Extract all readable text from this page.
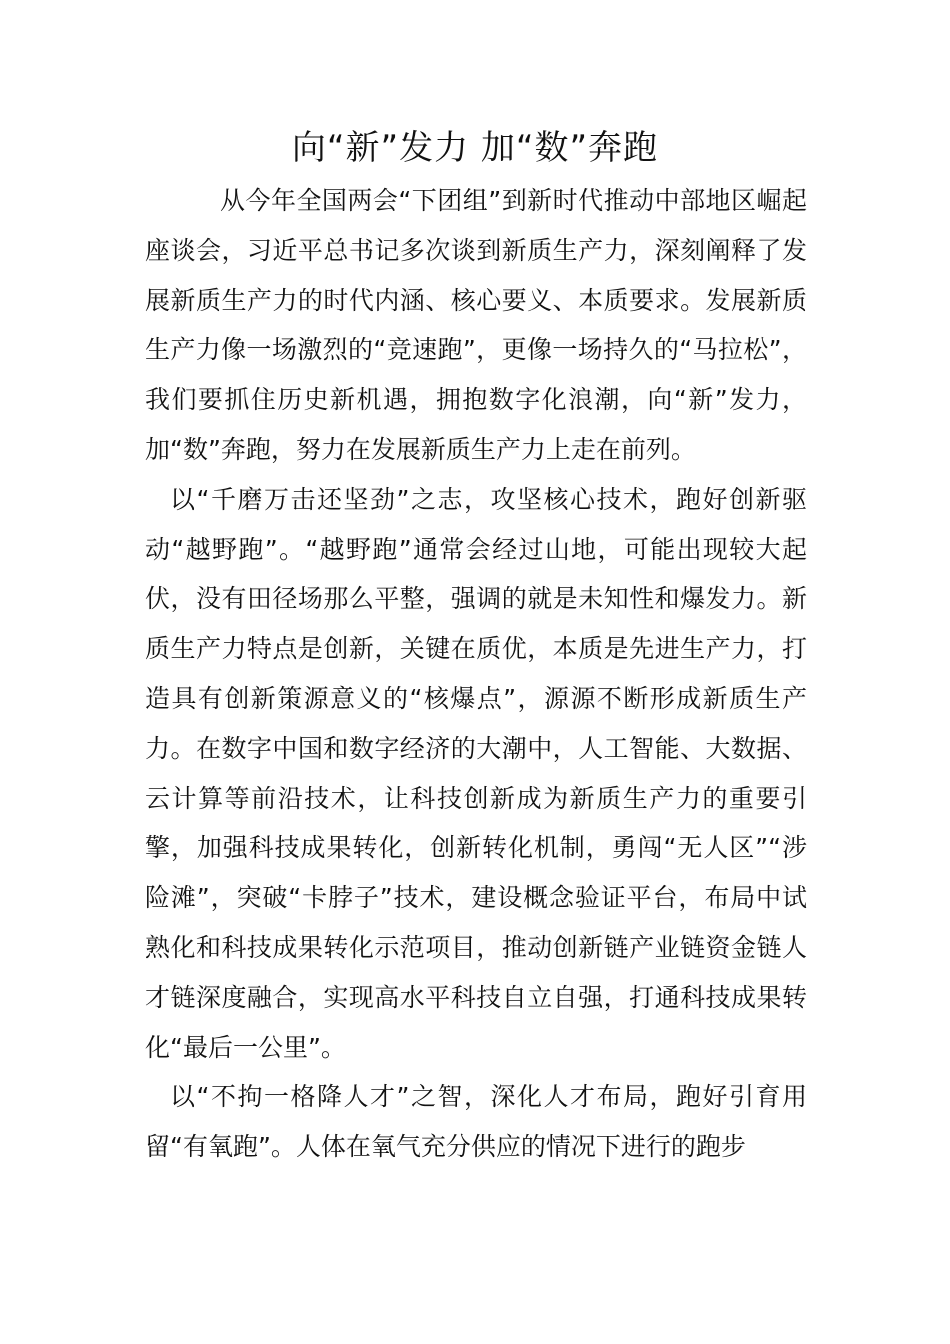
向“新”发力 加“数”奔跑

从今年全国两会“下团组”到新时代推动中部地区崛起座谈会，习近平总书记多次谈到新质生产力，深刻阐释了发展新质生产力的时代内涵、核心要义、本质要求。发展新质生产力像一场激烈的“竞速跑”，更像一场持久的“马拉松”，我们要抓住历史新机遇，拥抱数字化浪潮，向“新”发力，加“数”奔跑，努力在发展新质生产力上走在前列。

以“千磨万击还坚劲”之志，攻坚核心技术，跑好创新驱动“越野跑”。“越野跑”通常会经过山地，可能出现较大起伏，没有田径场那么平整，强调的就是未知性和爆发力。新质生产力特点是创新，关键在质优，本质是先进生产力，打造具有创新策源意义的“核爆点”，源源不断形成新质生产力。在数字中国和数字经济的大潮中，人工智能、大数据、云计算等前沿技术，让科技创新成为新质生产力的重要引擎，加强科技成果转化，创新转化机制，勇闯“无人区”“涉险滩”，突破“卡脖子”技术，建设概念验证平台，布局中试熟化和科技成果转化示范项目，推动创新链产业链资金链人才链深度融合，实现高水平科技自立自强，打通科技成果转化“最后一公里”。

以“不拘一格降人才”之智，深化人才布局，跑好引育用留“有氧跑”。人体在氧气充分供应的情况下进行的跑步
